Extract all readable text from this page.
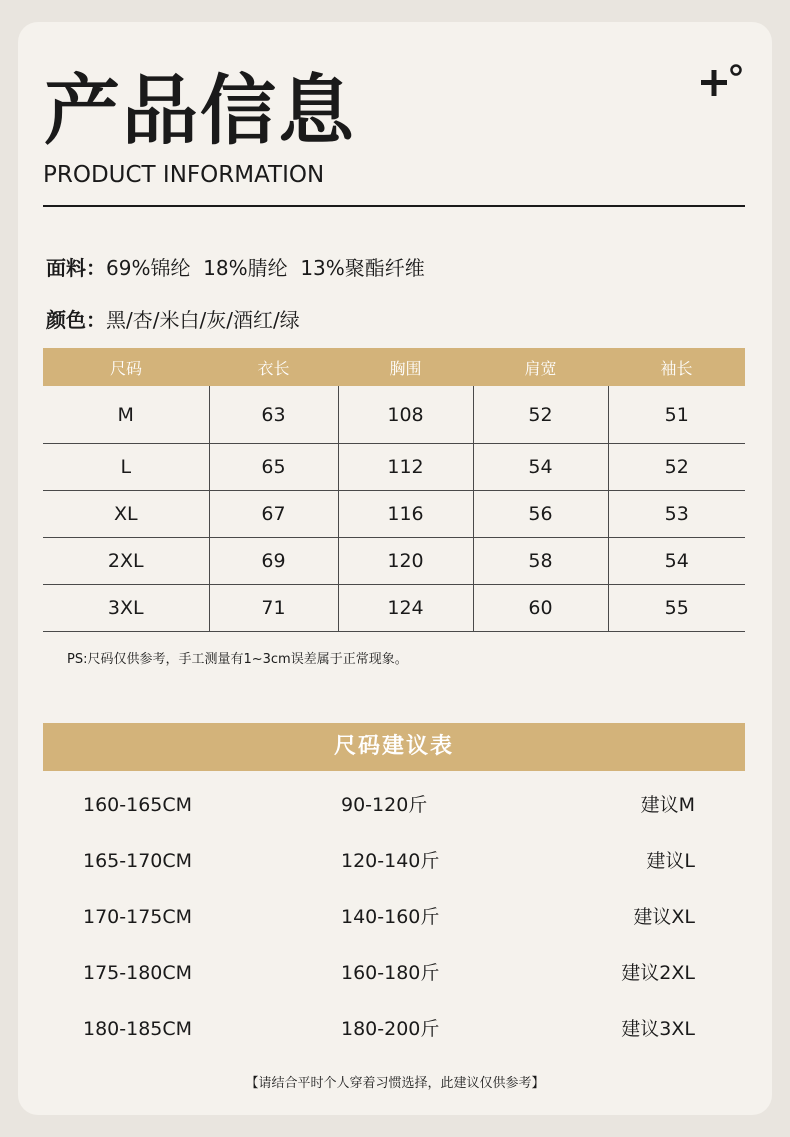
产品信息
PRODUCT INFORMATION
面料：69%锦纶  18%腈纶  13%聚酯纤维
颜色：黑/杏/米白/灰/酒红/绿
尺码	衣长	胸围	肩宽	袖长
M	63	108	52	51
L	65	112	54	52
XL	67	116	56	53
2XL	69	120	58	54
3XL	71	124	60	55
PS:尺码仅供参考，手工测量有1~3cm误差属于正常现象。
尺码建议表
160-165CM	90-120斤	建议M
165-170CM	120-140斤	建议L
170-175CM	140-160斤	建议XL
175-180CM	160-180斤	建议2XL
180-185CM	180-200斤	建议3XL
【请结合平时个人穿着习惯选择，此建议仅供参考】
